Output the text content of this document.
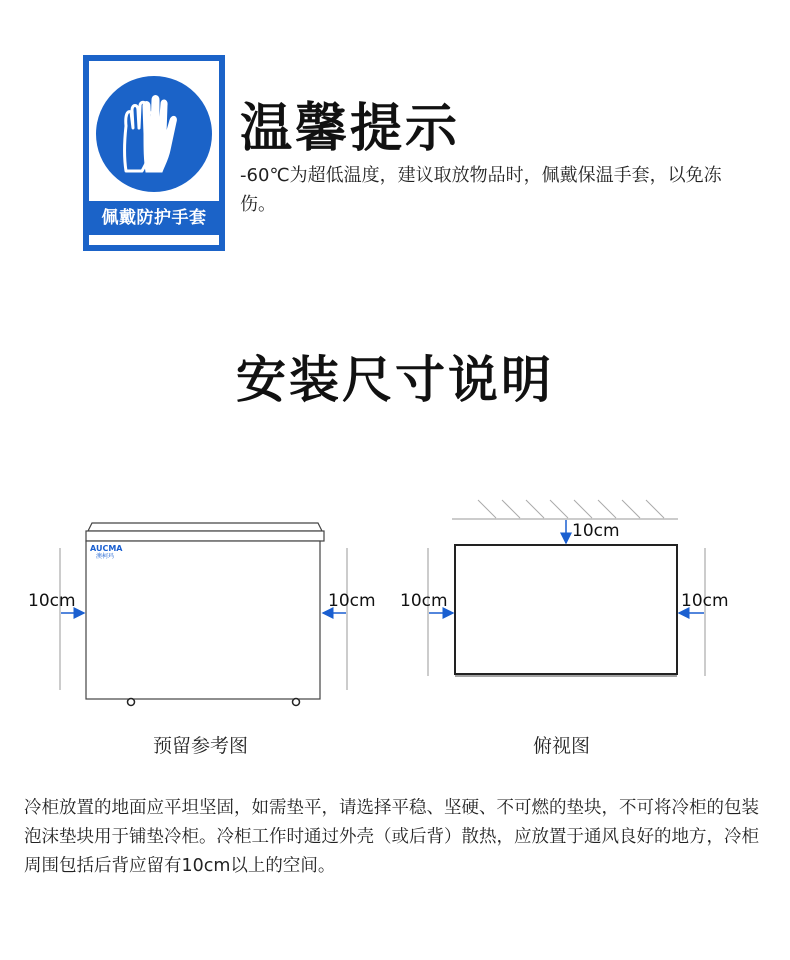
佩戴防护手套
温馨提示
-60℃为超低温度，建议取放物品时，佩戴保温手套，以免冻伤。
安装尺寸说明
AUCMA
澳柯玛
10cm	10cm
10cm
10cm	10cm
预留参考图	俯视图
冷柜放置的地面应平坦坚固，如需垫平，请选择平稳、坚硬、不可燃的垫块，不可将冷柜的包装泡沫垫块用于铺垫冷柜。冷柜工作时通过外壳（或后背）散热，应放置于通风良好的地方，冷柜周围包括后背应留有10cm以上的空间。
